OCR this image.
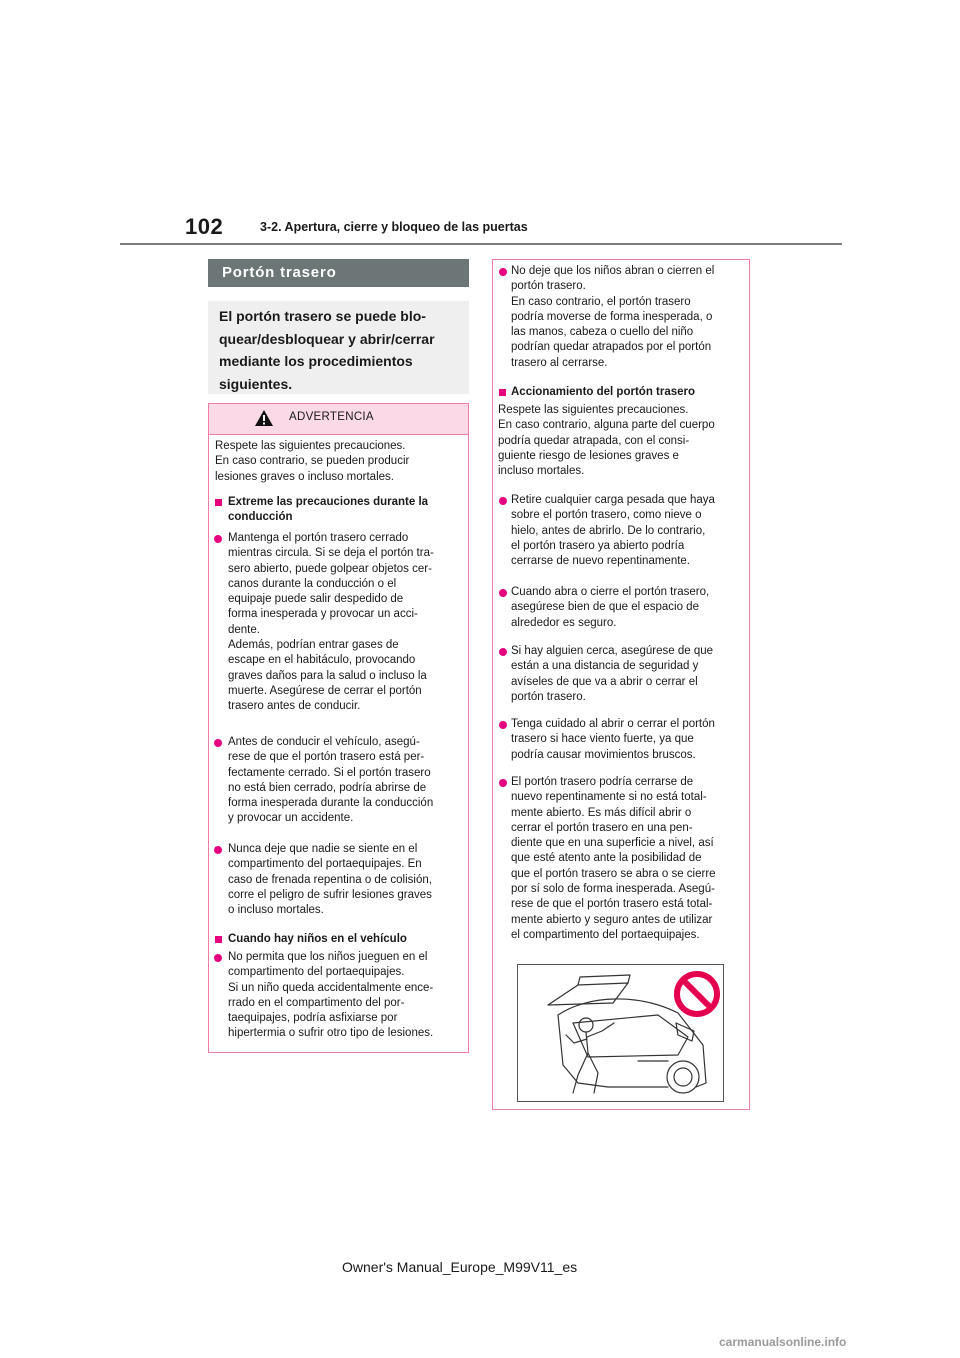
102	3-2. Apertura, cierre y bloqueo de las puertas
Portón trasero
El portón trasero se puede blo-
quear/desbloquear y abrir/cerrar
mediante los procedimientos
siguientes.
ADVERTENCIA
Respete las siguientes precauciones.
En caso contrario, se pueden producir
lesiones graves o incluso mortales.
Extreme las precauciones durante la
conducción
Mantenga el portón trasero cerrado
mientras circula. Si se deja el portón tra-
sero abierto, puede golpear objetos cer-
canos durante la conducción o el
equipaje puede salir despedido de
forma inesperada y provocar un acci-
dente.
Además, podrían entrar gases de
escape en el habitáculo, provocando
graves daños para la salud o incluso la
muerte. Asegúrese de cerrar el portón
trasero antes de conducir.
Antes de conducir el vehículo, asegú-
rese de que el portón trasero está per-
fectamente cerrado. Si el portón trasero
no está bien cerrado, podría abrirse de
forma inesperada durante la conducción
y provocar un accidente.
Nunca deje que nadie se siente en el
compartimento del portaequipajes. En
caso de frenada repentina o de colisión,
corre el peligro de sufrir lesiones graves
o incluso mortales.
Cuando hay niños en el vehículo
No permita que los niños jueguen en el
compartimento del portaequipajes.
Si un niño queda accidentalmente ence-
rrado en el compartimento del por-
taequipajes, podría asfixiarse por
hipertermia o sufrir otro tipo de lesiones.
No deje que los niños abran o cierren el
portón trasero.
En caso contrario, el portón trasero
podría moverse de forma inesperada, o
las manos, cabeza o cuello del niño
podrían quedar atrapados por el portón
trasero al cerrarse.
Accionamiento del portón trasero
Respete las siguientes precauciones.
En caso contrario, alguna parte del cuerpo
podría quedar atrapada, con el consi-
guiente riesgo de lesiones graves e
incluso mortales.
Retire cualquier carga pesada que haya
sobre el portón trasero, como nieve o
hielo, antes de abrirlo. De lo contrario,
el portón trasero ya abierto podría
cerrarse de nuevo repentinamente.
Cuando abra o cierre el portón trasero,
asegúrese bien de que el espacio de
alrededor es seguro.
Si hay alguien cerca, asegúrese de que
están a una distancia de seguridad y
avíseles de que va a abrir o cerrar el
portón trasero.
Tenga cuidado al abrir o cerrar el portón
trasero si hace viento fuerte, ya que
podría causar movimientos bruscos.
El portón trasero podría cerrarse de
nuevo repentinamente si no está total-
mente abierto. Es más difícil abrir o
cerrar el portón trasero en una pen-
diente que en una superficie a nivel, así
que esté atento ante la posibilidad de
que el portón trasero se abra o se cierre
por sí solo de forma inesperada. Asegú-
rese de que el portón trasero está total-
mente abierto y seguro antes de utilizar
el compartimento del portaequipajes.
Owner's Manual_Europe_M99V11_es
carmanualsonline.info
